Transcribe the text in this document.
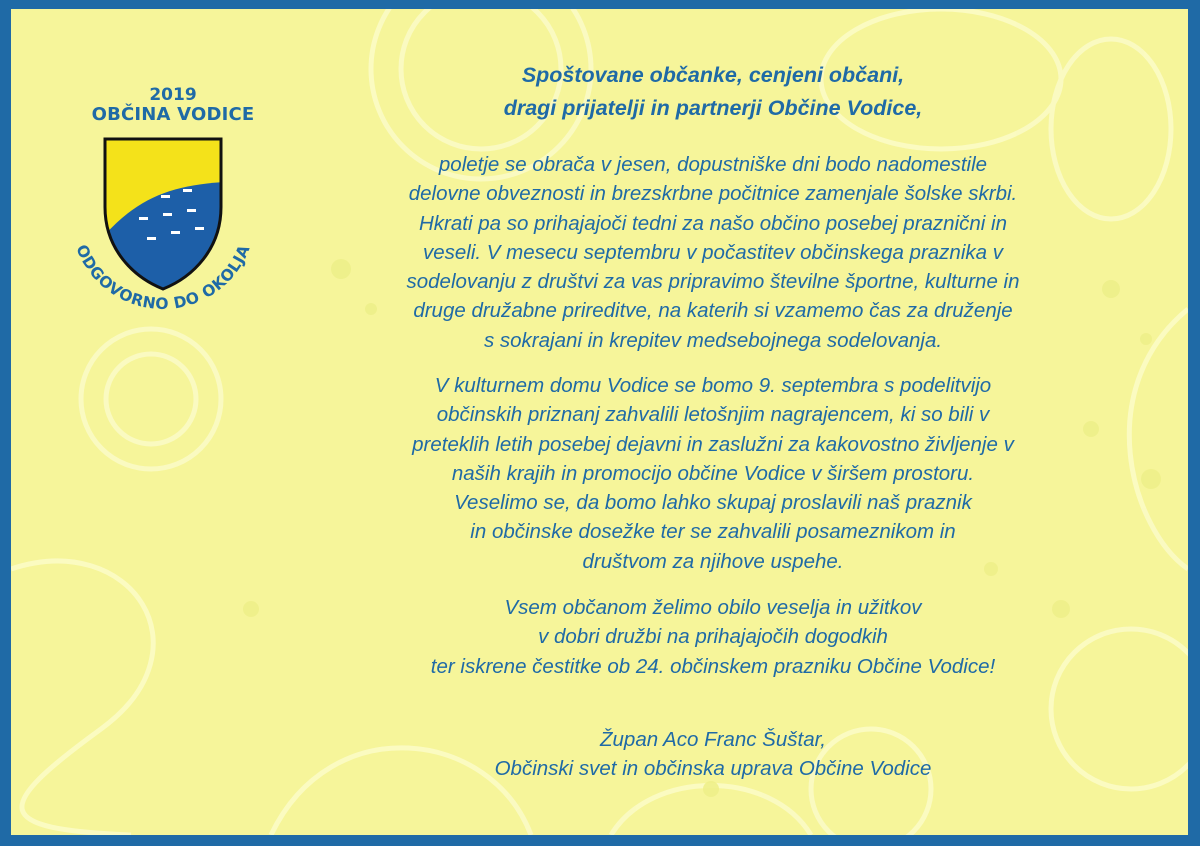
ODGOVORNO DO OKOLJA
2019
OBČINA VODICE
Spoštovane občanke, cenjeni občani,
dragi prijatelji in partnerji Občine Vodice,
poletje se obrača v jesen, dopustniške dni bodo nadomestile
delovne obveznosti in brezskrbne počitnice zamenjale šolske skrbi.
Hkrati pa so prihajajoči tedni za našo občino posebej praznični in
veseli. V mesecu septembru v počastitev občinskega praznika v
sodelovanju z društvi za vas pripravimo številne športne, kulturne in
druge družabne prireditve, na katerih si vzamemo čas za druženje
s sokrajani in krepitev medsebojnega sodelovanja.
V kulturnem domu Vodice se bomo 9. septembra s podelitvijo
občinskih priznanj zahvalili letošnjim nagrajencem, ki so bili v
preteklih letih posebej dejavni in zaslužni za kakovostno življenje v
naših krajih in promocijo občine Vodice v širšem prostoru.
Veselimo se, da bomo lahko skupaj proslavili naš praznik
in občinske dosežke ter se zahvalili posameznikom in
društvom za njihove uspehe.
Vsem občanom želimo obilo veselja in užitkov
v dobri družbi na prihajajočih dogodkih
ter iskrene čestitke ob 24. občinskem prazniku Občine Vodice!
Župan Aco Franc Šuštar,
Občinski svet in občinska uprava Občine Vodice
